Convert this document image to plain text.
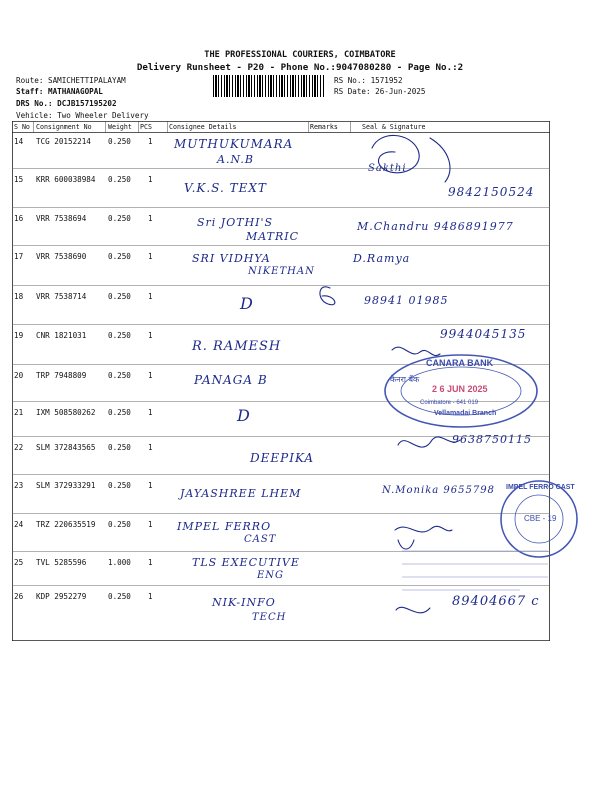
THE PROFESSIONAL COURIERS, COIMBATORE
Delivery Runsheet - P20 - Phone No.:9047080280 - Page No.:2
Route: SAMICHETTIPALAYAM
Staff: MATHANAGOPAL
DRS No.: DCJB157195202
Vehicle: Two Wheeler Delivery
RS No.: 1571952
RS Date: 26-Jun-2025
S No Consignment No Weight PCS	Consignee Details	Remarks	Seal & Signature
14 TCG 20152214 0.250 1 MUTHUKUMARA
A.N.B
Sakthi
15 KRR 600038984 0.250 1
V.K.S. TEXT	9842150524
16 VRR 7538694	0.250 1	Sri JOTHI'S
MATRIC
M.Chandru 9486891977
17 VRR 7538690	0.250 1	SRI VIDHYA
NIKETHAN
D.Ramya
18 VRR 7538714	0.250 1	D	98941 01985
19 CNR 1821031	0.250 1
R. RAMESH
9944045135
20 TRP 7948809	0.250 1	PANAGA B
21 IXM 508580262 0.250 1	D
22 SLM 372843565 0.250 1
DEEPIKA
9638750115
23 SLM 372933291 0.250 1
JAYASHREE LHEM	N.Monika 9655798
24 TRZ 220635519 0.250 1 IMPEL FERRO
CAST
25 TVL 5285596	1.000 1	TLS EXECUTIVE
ENG
26 KDP 2952279	0.250 1	NIK-INFO
TECH
89404667 c
CANARA BANK
केनरा बैंक
2 6 JUN 2025
Coimbatore - 641 019
Vellamadai Branch
IMPEL FERRO CAST
CBE - 19
